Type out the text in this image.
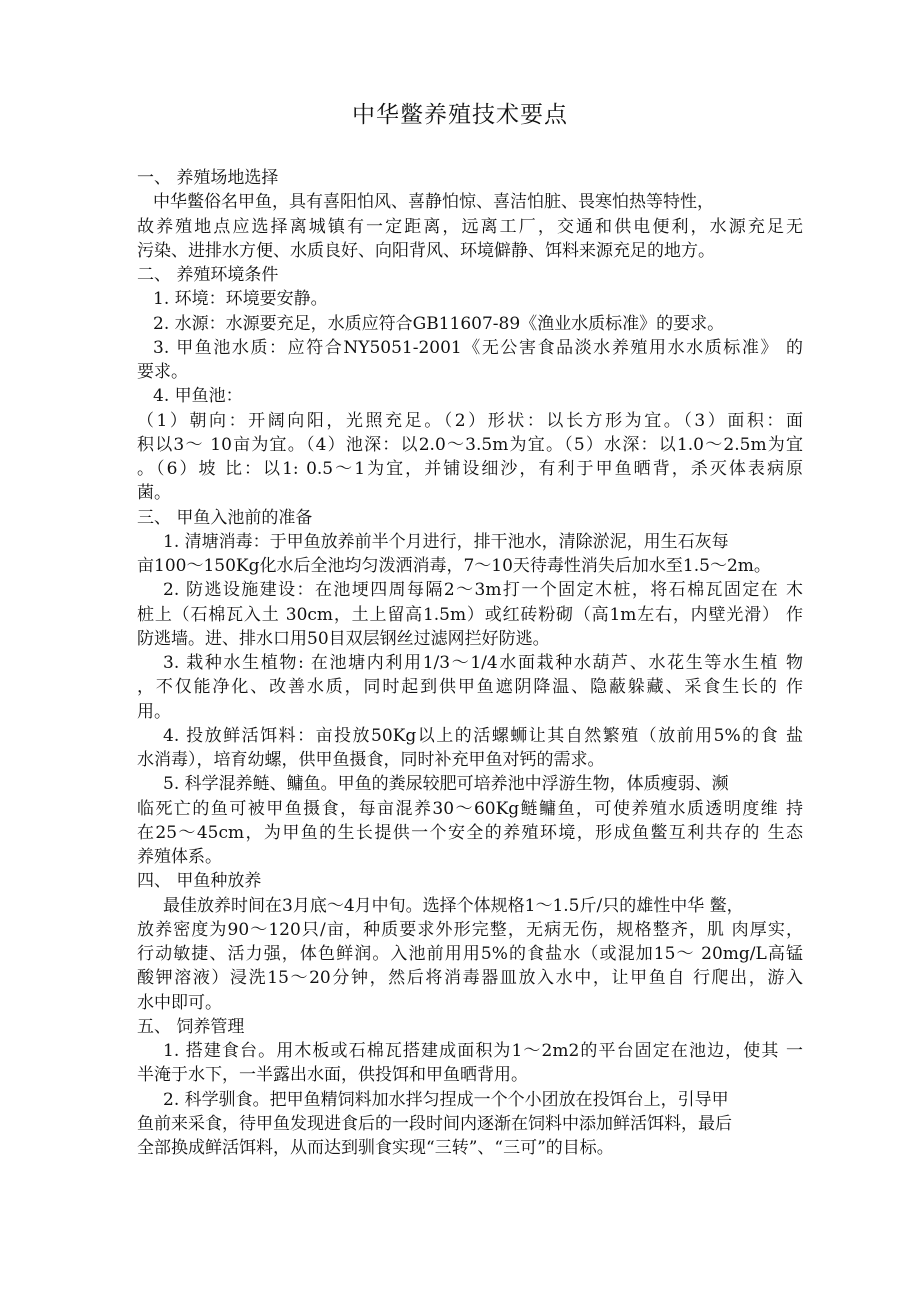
中华鳖养殖技术要点
一、 养殖场地选择
中华鳖俗名甲鱼，具有喜阳怕风、喜静怕惊、喜洁怕脏、畏寒怕热等特性，
故养殖地点应选择离城镇有一定距离，远离工厂，交通和供电便利，水源充足无
污染、进排水方便、水质良好、向阳背风、环境僻静、饵料来源充足的地方。
二、 养殖环境条件
1. 环境：环境要安静。
2. 水源：水源要充足，水质应符合GB11607-89《渔业水质标准》的要求。
3. 甲鱼池水质：应符合NY5051-2001《无公害食品淡水养殖用水水质标准》 的
要求。
4. 甲鱼池：
（1）朝向：开阔向阳，光照充足。（2）形状：以长方形为宜。（3）面积：面
积以3～ 10亩为宜。（4）池深：以2.0～3.5m为宜。（5）水深：以1.0～2.5m为宜
。（6）坡 比：以1: 0.5～1为宜，并铺设细沙，有利于甲鱼晒背，杀灭体表病原
菌。
三、 甲鱼入池前的准备
1. 清塘消毒：于甲鱼放养前半个月进行，排干池水，清除淤泥，用生石灰每
亩100～150Kg化水后全池均匀泼洒消毒，7～10天待毒性消失后加水至1.5～2m。
2. 防逃设施建设：在池埂四周每隔2～3m打一个固定木桩，将石棉瓦固定在 木
桩上（石棉瓦入土 30cm，土上留高1.5m）或红砖粉砌（高1m左右，内壁光滑） 作
防逃墙。进、排水口用50目双层钢丝过滤网拦好防逃。
3. 栽种水生植物: 在池塘内利用1/3～1/4水面栽种水葫芦、水花生等水生植 物
，不仅能净化、改善水质，同时起到供甲鱼遮阴降温、隐蔽躲藏、采食生长的 作
用。
4. 投放鲜活饵料：亩投放50Kg以上的活螺蛳让其自然繁殖（放前用5%的食 盐
水消毒），培育幼螺，供甲鱼摄食，同时补充甲鱼对钙的需求。
5. 科学混养鲢、鳙鱼。甲鱼的粪尿较肥可培养池中浮游生物，体质瘦弱、濒
临死亡的鱼可被甲鱼摄食，每亩混养30～60Kg鲢鳙鱼，可使养殖水质透明度维 持
在25～45cm，为甲鱼的生长提供一个安全的养殖环境，形成鱼鳖互利共存的 生态
养殖体系。
四、 甲鱼种放养
最佳放养时间在3月底～4月中旬。选择个体规格1～1.5斤/只的雄性中华 鳖，
放养密度为90～120只/亩，种质要求外形完整，无病无伤，规格整齐，肌 肉厚实，
行动敏捷、活力强，体色鲜润。入池前用用5%的食盐水（或混加15～ 20mg/L高锰
酸钾溶液）浸洗15～20分钟，然后将消毒器皿放入水中，让甲鱼自 行爬出，游入
水中即可。
五、 饲养管理
1. 搭建食台。用木板或石棉瓦搭建成面积为1～2m2的平台固定在池边，使其 一
半淹于水下，一半露出水面，供投饵和甲鱼晒背用。
2. 科学驯食。把甲鱼精饲料加水拌匀捏成一个个小团放在投饵台上，引导甲
鱼前来采食，待甲鱼发现进食后的一段时间内逐渐在饲料中添加鲜活饵料，最后
全部换成鲜活饵料，从而达到驯食实现“三转”、“三可”的目标。
